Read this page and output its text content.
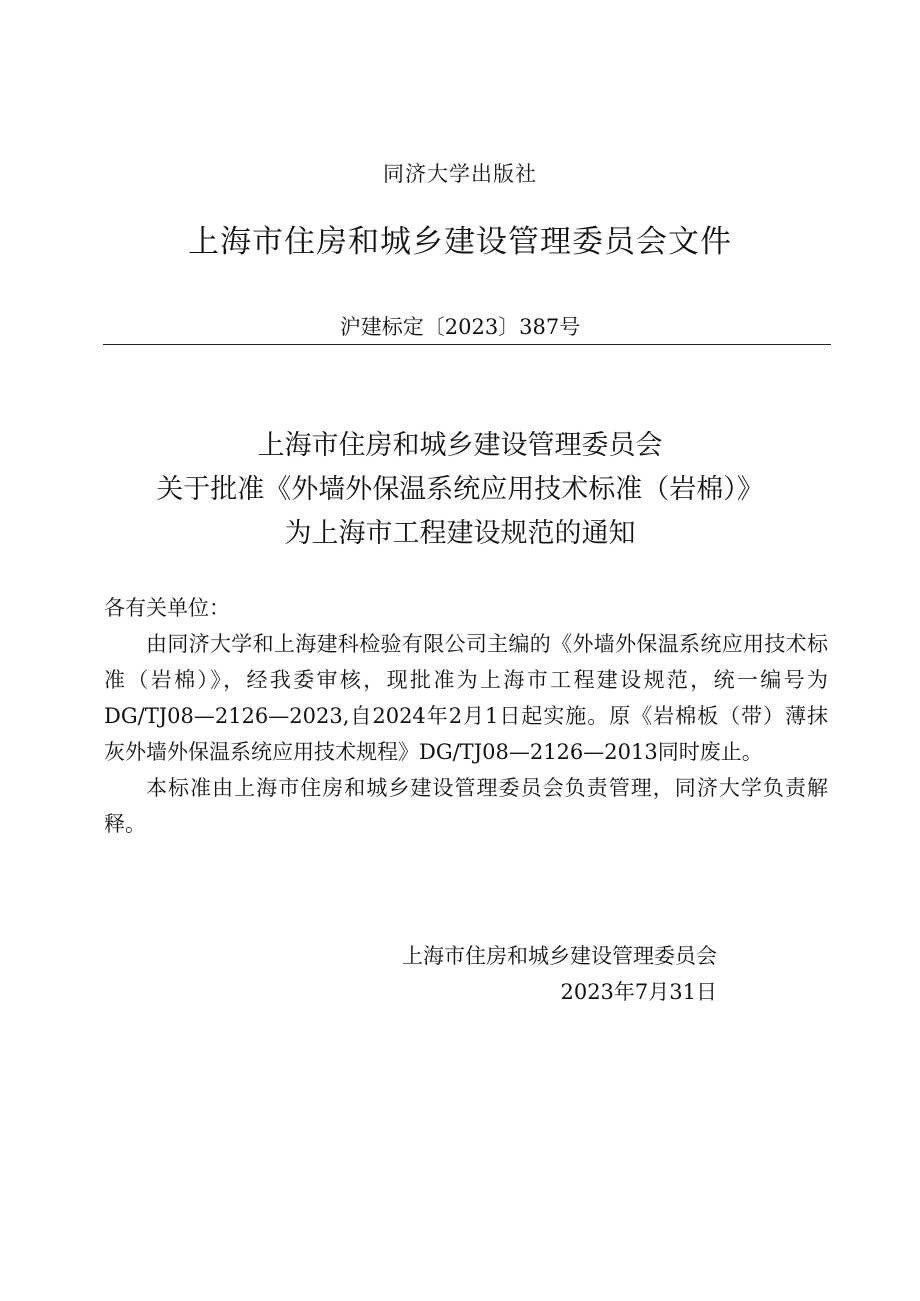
同济大学出版社
上海市住房和城乡建设管理委员会文件
沪建标定〔2023〕387号
上海市住房和城乡建设管理委员会
关于批准《外墙外保温系统应用技术标准（岩棉）》
为上海市工程建设规范的通知

各有关单位：

由同济大学和上海建科检验有限公司主编的《外墙外保温系统应用技术标准（岩棉）》，经我委审核，现批准为上海市工程建设规范，统一编号为DG/TJ08—2126—2023,自2024年2月1日起实施。原《岩棉板（带）薄抹灰外墙外保温系统应用技术规程》DG/TJ08—2126—2013同时废止。

本标准由上海市住房和城乡建设管理委员会负责管理，同济大学负责解释。

上海市住房和城乡建设管理委员会
2023年7月31日
